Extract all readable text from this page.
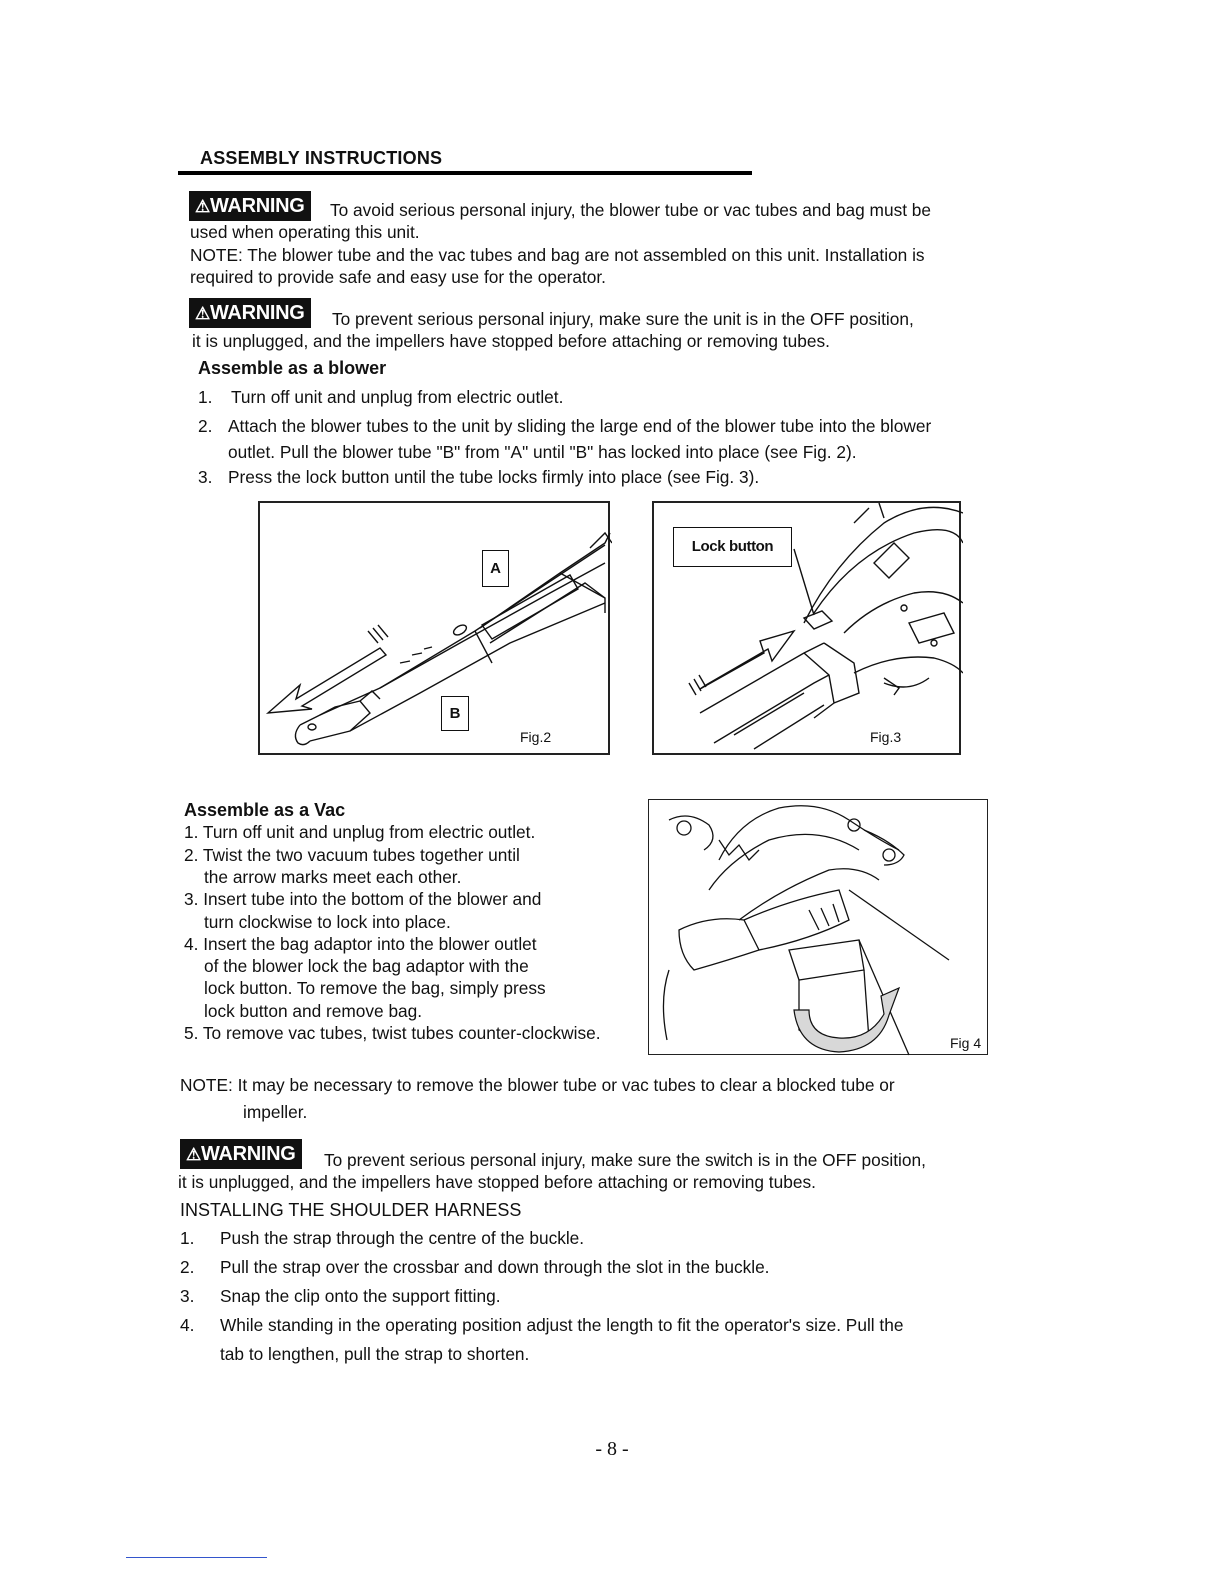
ASSEMBLY INSTRUCTIONS
⚠WARNING	To avoid serious personal injury, the blower tube or vac tubes and bag must be
used when operating this unit.
NOTE: The blower tube and the vac tubes and bag are not assembled on this unit. Installation is
required to provide safe and easy use for the operator.
⚠WARNING	To prevent serious personal injury, make sure the unit is in the OFF position,
it is unplugged, and the impellers have stopped before attaching or removing tubes.
Assemble as a blower
1. Turn off unit and unplug from electric outlet.
2. Attach the blower tubes to the unit by sliding the large end of the blower tube into the blower
outlet. Pull the blower tube "B" from "A" until "B" has locked into place (see Fig. 2).
3. Press the lock button until the tube locks firmly into place (see Fig. 3).
A
B
Fig.2
Lock button
Fig.3
Assemble as a Vac
1. Turn off unit and unplug from electric outlet.
2. Twist the two vacuum tubes together until
the arrow marks meet each other.
3. Insert tube into the bottom of the blower and
turn clockwise to lock into place.
4. Insert the bag adaptor into the blower outlet
of the blower lock the bag adaptor with the
lock button. To remove the bag, simply press
lock button and remove bag.
5. To remove vac tubes, twist tubes counter-clockwise.	Fig 4
NOTE: It may be necessary to remove the blower tube or vac tubes to clear a blocked tube or
impeller.
⚠WARNING	To prevent serious personal injury, make sure the switch is in the OFF position,
it is unplugged, and the impellers have stopped before attaching or removing tubes.
INSTALLING THE SHOULDER HARNESS
1. Push the strap through the centre of the buckle.
2. Pull the strap over the crossbar and down through the slot in the buckle.
3. Snap the clip onto the support fitting.
4. While standing in the operating position adjust the length to fit the operator's size. Pull the
tab to lengthen, pull the strap to shorten.
- 8 -
